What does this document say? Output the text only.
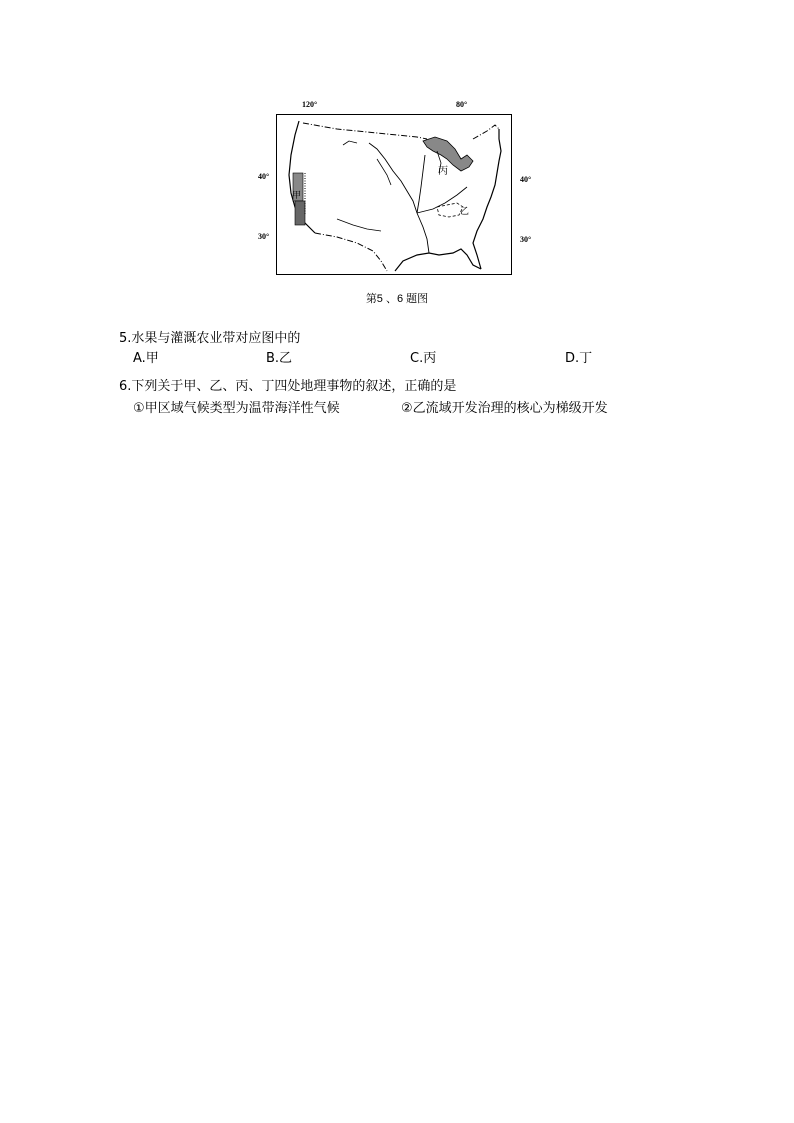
120°	80°
40°
30°
40°
30°
甲
丙
乙
第5 、6 题图
5.水果与灌溉农业带对应图中的
A.甲	B.乙	C.丙	D.丁
6.下列关于甲、乙、丙、丁四处地理事物的叙述，正确的是
①甲区域气候类型为温带海洋性气候	②乙流域开发治理的核心为梯级开发
